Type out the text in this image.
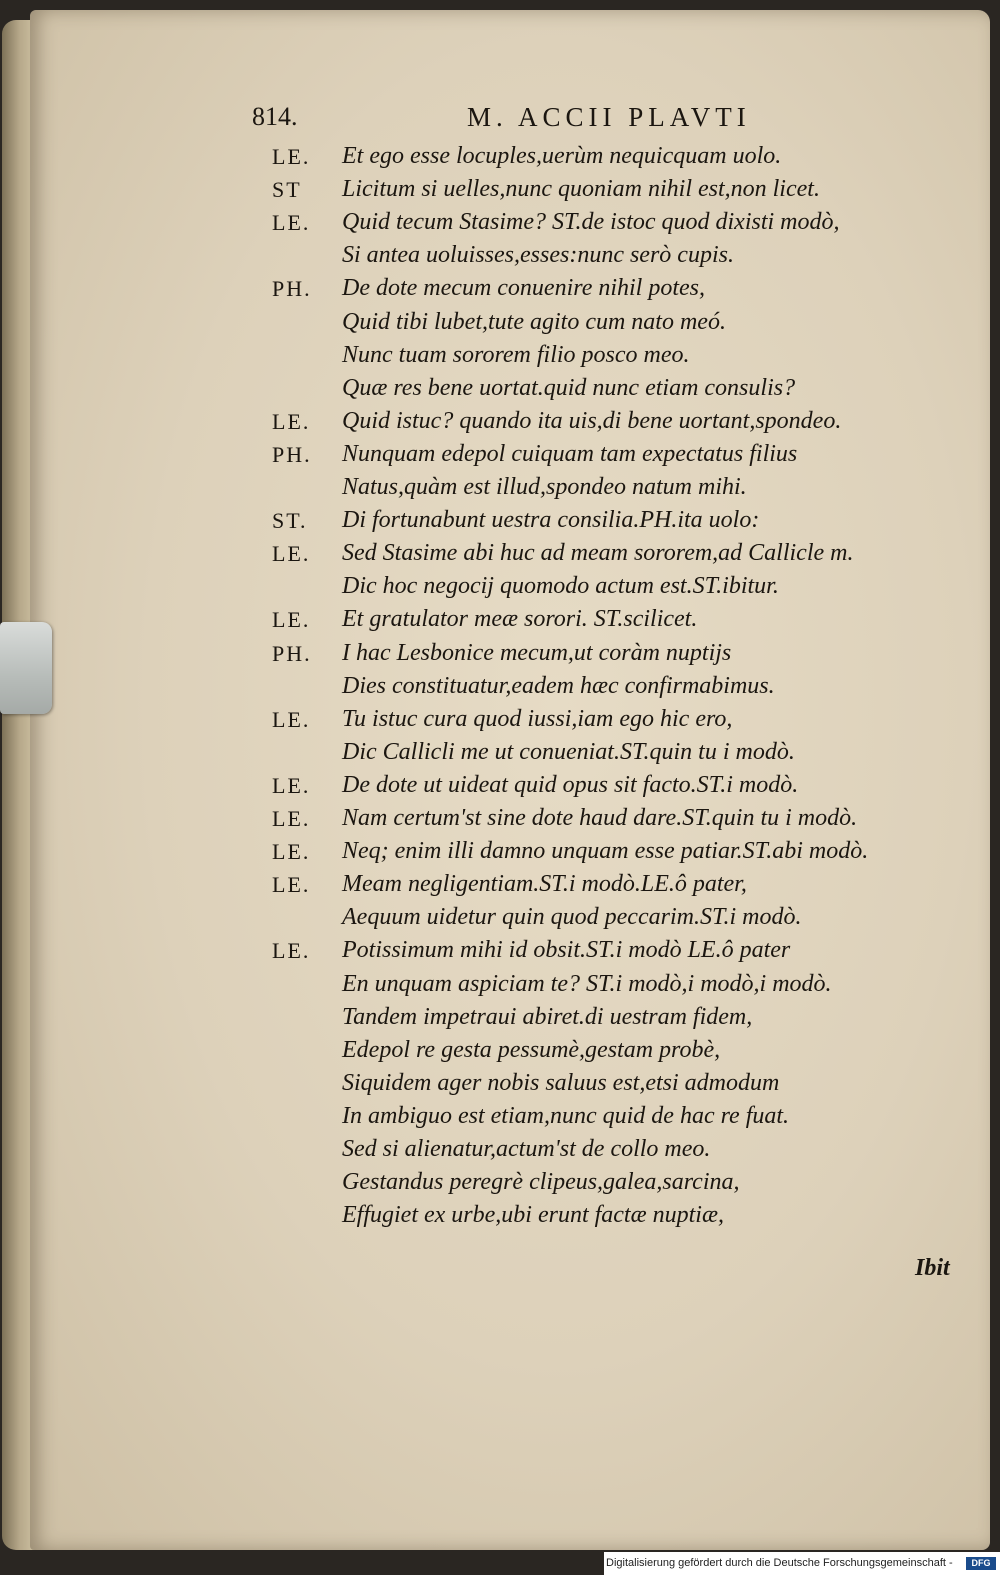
814.	M. ACCII PLAVTI
LE. Et ego esse locuples,uerùm nequicquam uolo.
ST Licitum si uelles,nunc quoniam nihil est,non licet.
LE. Quid tecum Stasime? ST.de istoc quod dixisti modò,
Si antea uoluisses,esses:nunc serò cupis.
PH. De dote mecum conuenire nihil potes,
Quid tibi lubet,tute agito cum nato meó.
Nunc tuam sororem filio posco meo.
Quæ res bene uortat.quid nunc etiam consulis?
LE. Quid istuc? quando ita uis,di bene uortant,spondeo.
PH. Nunquam edepol cuiquam tam expectatus filius
Natus,quàm est illud,spondeo natum mihi.
ST. Di fortunabunt uestra consilia.PH.ita uolo:
LE. Sed Stasime abi huc ad meam sororem,ad Callicle m.
Dic hoc negocij quomodo actum est.ST.ibitur.
LE. Et gratulator meæ sorori. ST.scilicet.
PH. I hac Lesbonice mecum,ut coràm nuptijs
Dies constituatur,eadem hæc confirmabimus.
LE. Tu istuc cura quod iussi,iam ego hic ero,
Dic Callicli me ut conueniat.ST.quin tu i modò.
LE. De dote ut uideat quid opus sit facto.ST.i modò.
LE. Nam certum'st sine dote haud dare.ST.quin tu i modò.
LE. Neq; enim illi damno unquam esse patiar.ST.abi modò.
LE. Meam negligentiam.ST.i modò.LE.ô pater,
Aequum uidetur quin quod peccarim.ST.i modò.
LE. Potissimum mihi id obsit.ST.i modò LE.ô pater
En unquam aspiciam te? ST.i modò,i modò,i modò.
Tandem impetraui abiret.di uestram fidem,
Edepol re gesta pessumè,gestam probè,
Siquidem ager nobis saluus est,etsi admodum
In ambiguo est etiam,nunc quid de hac re fuat.
Sed si alienatur,actum'st de collo meo.
Gestandus peregrè clipeus,galea,sarcina,
Effugiet ex urbe,ubi erunt factæ nuptiæ,
Ibit
Digitalisierung gefördert durch die Deutsche Forschungsgemeinschaft -	DFG
